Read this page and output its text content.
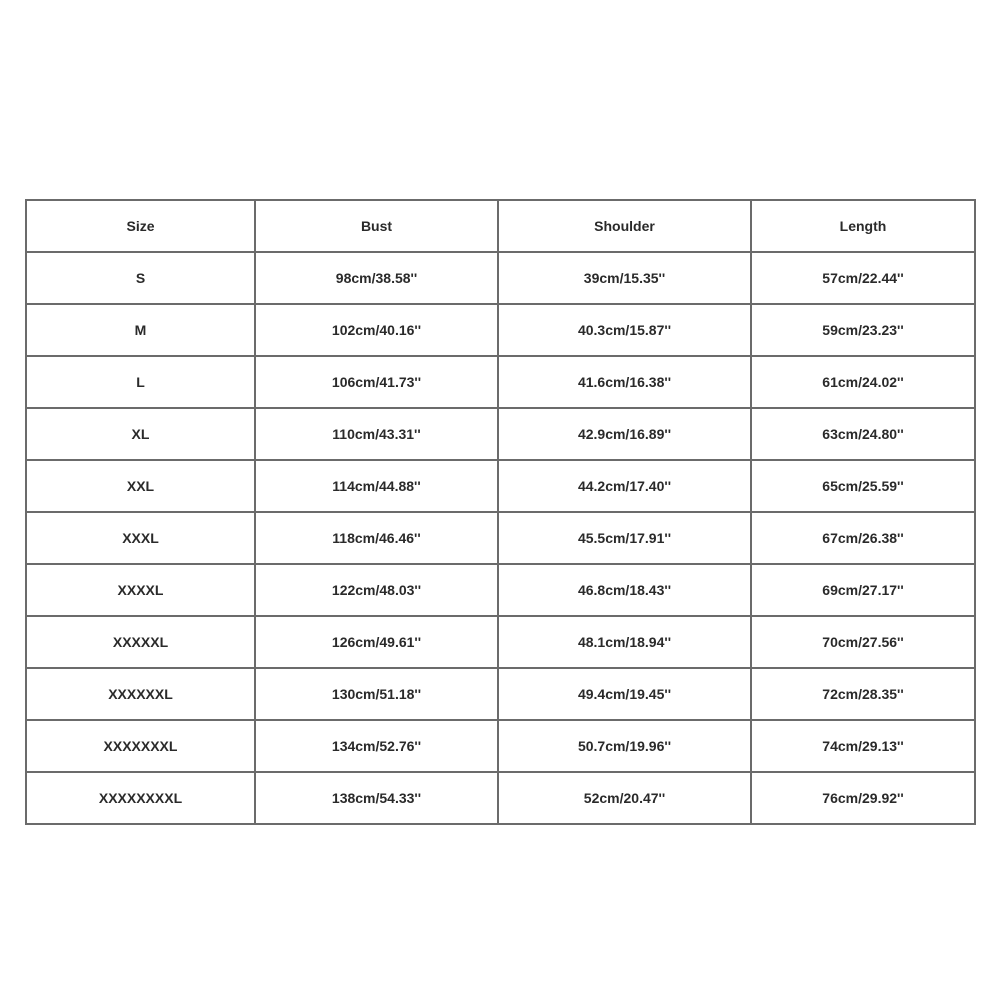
Size	Bust	Shoulder	Length
S	98cm/38.58''	39cm/15.35''	57cm/22.44''
M	102cm/40.16''	40.3cm/15.87''	59cm/23.23''
L	106cm/41.73''	41.6cm/16.38''	61cm/24.02''
XL	110cm/43.31''	42.9cm/16.89''	63cm/24.80''
XXL	114cm/44.88''	44.2cm/17.40''	65cm/25.59''
XXXL	118cm/46.46''	45.5cm/17.91''	67cm/26.38''
XXXXL	122cm/48.03''	46.8cm/18.43''	69cm/27.17''
XXXXXL	126cm/49.61''	48.1cm/18.94''	70cm/27.56''
XXXXXXL	130cm/51.18''	49.4cm/19.45''	72cm/28.35''
XXXXXXXL	134cm/52.76''	50.7cm/19.96''	74cm/29.13''
XXXXXXXXL	138cm/54.33''	52cm/20.47''	76cm/29.92''
